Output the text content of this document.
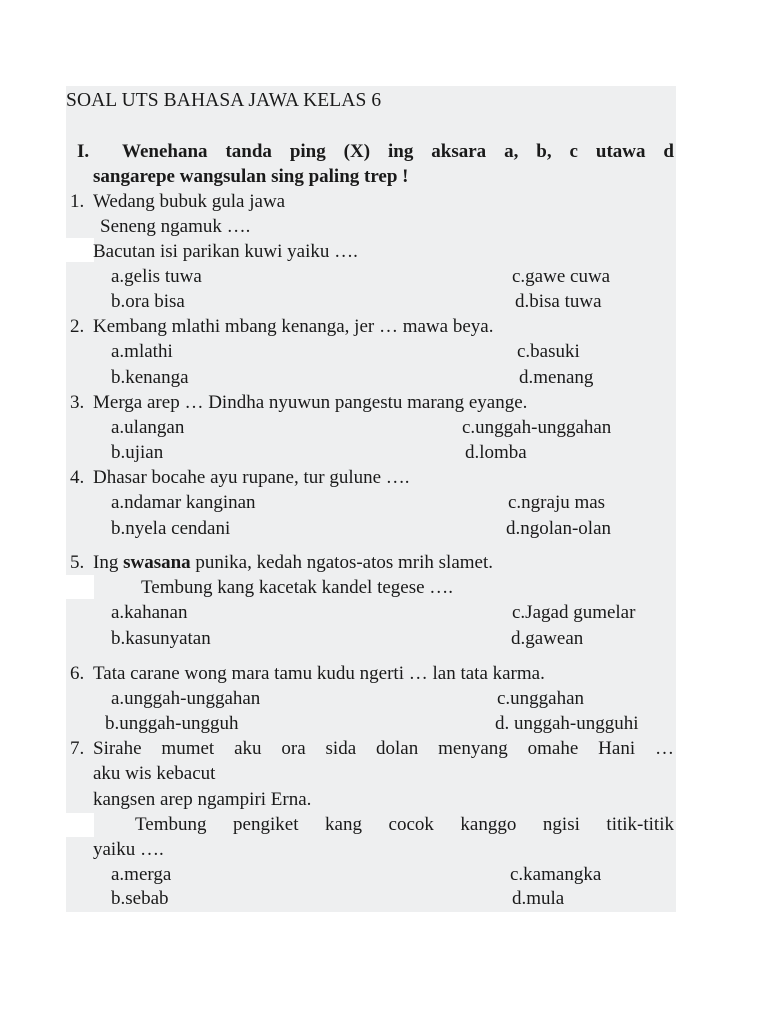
SOAL UTS BAHASA JAWA KELAS 6
I. Wenehana tanda ping (X) ing aksara a, b, c utawa d
sangarepe wangsulan sing paling trep !
1. Wedang bubuk gula jawa
Seneng ngamuk ….
Bacutan isi parikan kuwi yaiku ….
a.gelis tuwa	c.gawe cuwa
b.ora bisa	d.bisa tuwa
2. Kembang mlathi mbang kenanga, jer … mawa beya.
a.mlathi	c.basuki
b.kenanga	d.menang
3. Merga arep … Dindha nyuwun pangestu marang eyange.
a.ulangan	c.unggah-unggahan
b.ujian	d.lomba
4. Dhasar bocahe ayu rupane, tur gulune ….
a.ndamar kanginan	c.ngraju mas
b.nyela cendani	d.ngolan-olan
5. Ing swasana punika, kedah ngatos-atos mrih slamet.
Tembung kang kacetak kandel tegese ….
a.kahanan	c.Jagad gumelar
b.kasunyatan	d.gawean
6. Tata carane wong mara tamu kudu ngerti … lan tata karma.
a.unggah-unggahan	c.unggahan
b.unggah-ungguh	d. unggah-ungguhi
7. Sirahe mumet aku ora sida dolan menyang omahe Hani …
aku wis kebacut
kangsen arep ngampiri Erna.
Tembung pengiket kang cocok kanggo ngisi titik-titik
yaiku ….
a.merga	c.kamangka
b.sebab	d.mula
